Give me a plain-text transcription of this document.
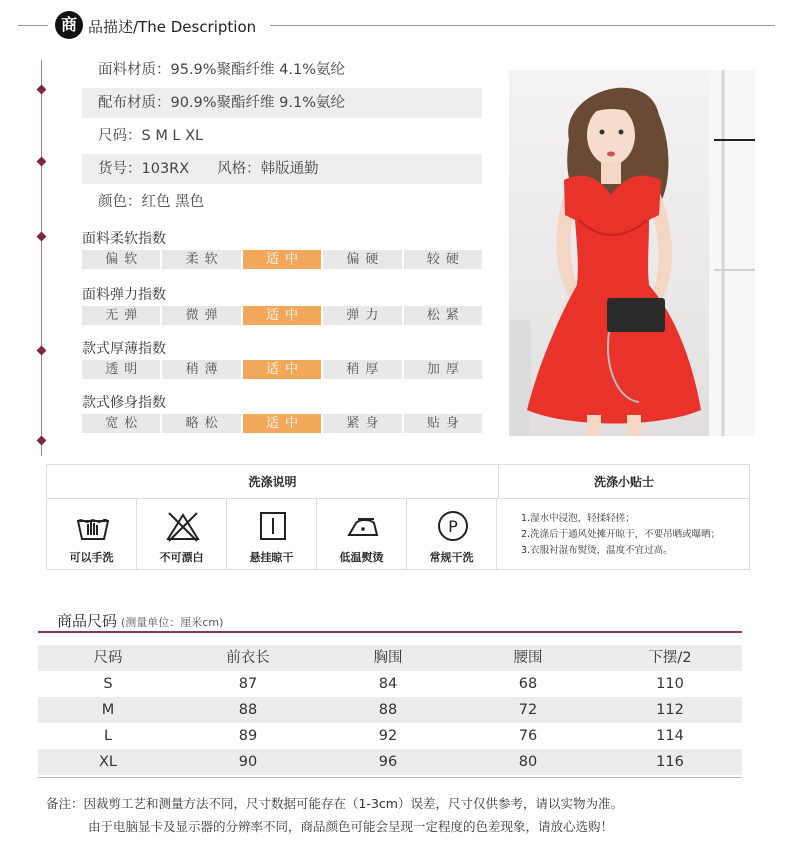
商 品描述/The Description
面料材质：95.9%聚酯纤维 4.1%氨纶
配布材质：90.9%聚酯纤维 9.1%氨纶
尺码：S M L XL
货号：103RX 风格：韩版通勤
颜色：红色 黑色
面料柔软指数
偏软	柔软	适中	偏硬	较硬
面料弹力指数
无弹	微弹	适中	弹力	松紧
款式厚薄指数
透明	稍薄	适中	稍厚	加厚
款式修身指数
宽松	略松	适中	紧身	贴身
洗涤说明	洗涤小贴士
可以手洗	不可漂白	悬挂晾干	低温熨烫
P
常规干洗
1.湿水中浸泡，轻揉轻搓；
2.洗涤后于通风处摊开晾干，不要吊晒或曝晒；
3.衣服衬湿布熨烫，温度不宜过高。
商品尺码 (测量单位：厘米cm)
尺码	前衣长	胸围	腰围	下摆/2
S	87	84	68	110
M	88	88	72	112
L	89	92	76	114
XL	90	96	80	116
备注：因裁剪工艺和测量方法不同，尺寸数据可能存在（1-3cm）误差，尺寸仅供参考，请以实物为准。
由于电脑显卡及显示器的分辨率不同，商品颜色可能会呈现一定程度的色差现象，请放心选购！
